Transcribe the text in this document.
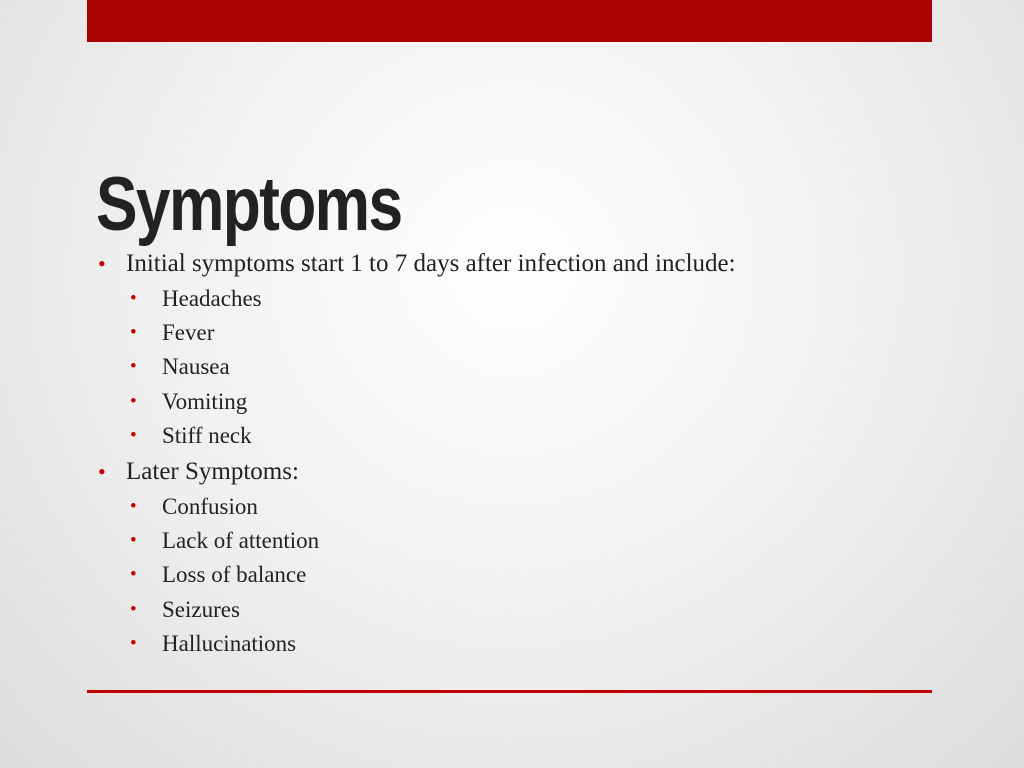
Symptoms
• Initial symptoms start 1 to 7 days after infection and include:
• Headaches
• Fever
• Nausea
• Vomiting
• Stiff neck
• Later Symptoms:
• Confusion
• Lack of attention
• Loss of balance
• Seizures
• Hallucinations
